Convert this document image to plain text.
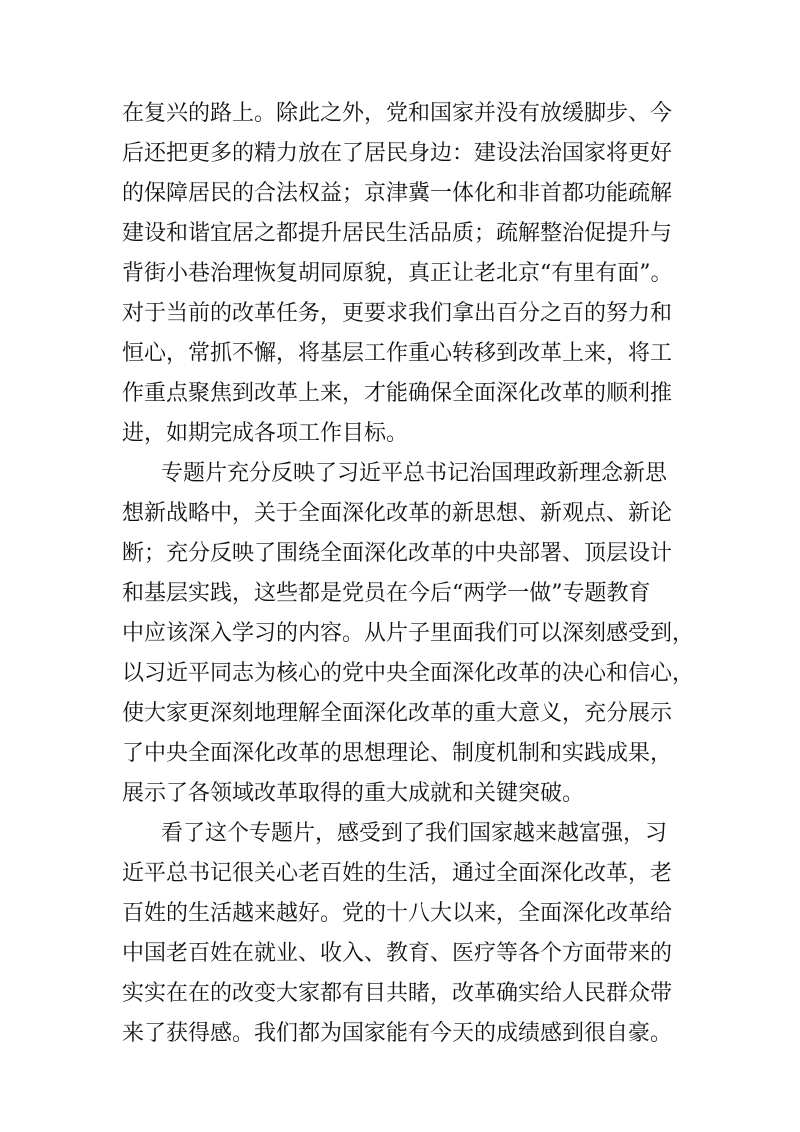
在复兴的路上。除此之外，党和国家并没有放缓脚步、今
后还把更多的精力放在了居民身边：建设法治国家将更好
的保障居民的合法权益；京津冀一体化和非首都功能疏解
建设和谐宜居之都提升居民生活品质；疏解整治促提升与
背街小巷治理恢复胡同原貌，真正让老北京“有里有面”。
对于当前的改革任务，更要求我们拿出百分之百的努力和
恒心，常抓不懈，将基层工作重心转移到改革上来，将工
作重点聚焦到改革上来，才能确保全面深化改革的顺利推
进，如期完成各项工作目标。
专题片充分反映了习近平总书记治国理政新理念新思
想新战略中，关于全面深化改革的新思想、新观点、新论
断；充分反映了围绕全面深化改革的中央部署、顶层设计
和基层实践，这些都是党员在今后“两学一做”专题教育
中应该深入学习的内容。从片子里面我们可以深刻感受到，
以习近平同志为核心的党中央全面深化改革的决心和信心，
使大家更深刻地理解全面深化改革的重大意义，充分展示
了中央全面深化改革的思想理论、制度机制和实践成果，
展示了各领域改革取得的重大成就和关键突破。
看了这个专题片，感受到了我们国家越来越富强，习
近平总书记很关心老百姓的生活，通过全面深化改革，老
百姓的生活越来越好。党的十八大以来，全面深化改革给
中国老百姓在就业、收入、教育、医疗等各个方面带来的
实实在在的改变大家都有目共睹，改革确实给人民群众带
来了获得感。我们都为国家能有今天的成绩感到很自豪。
